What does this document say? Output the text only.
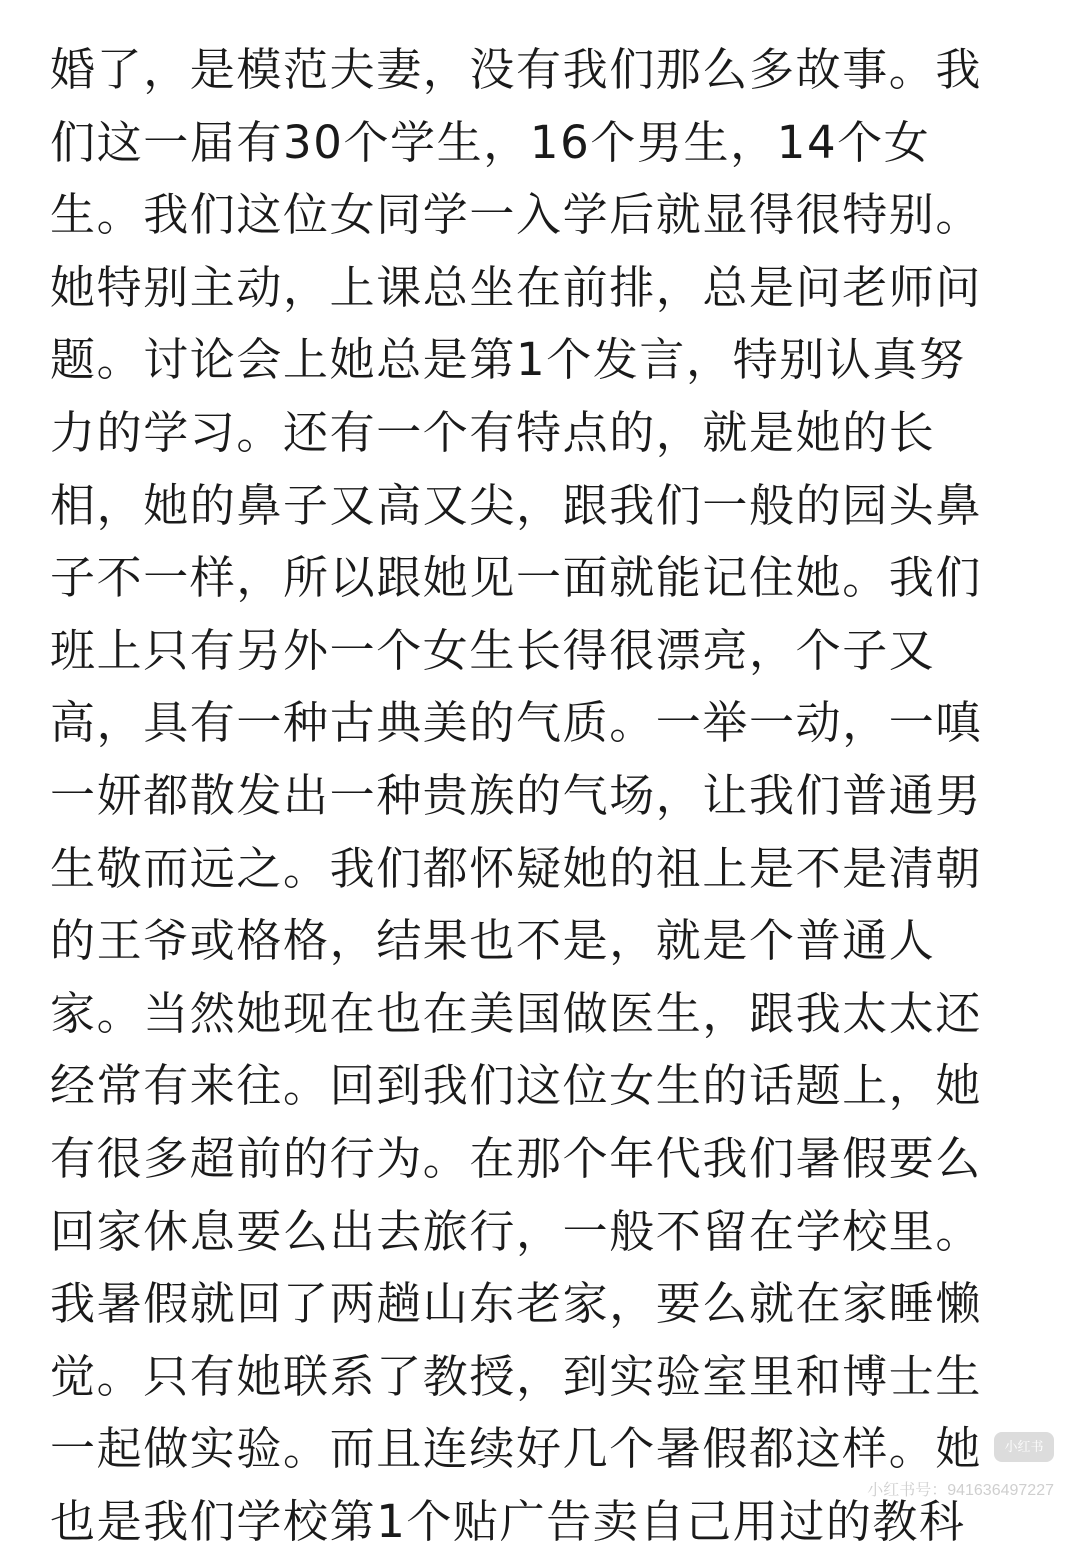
婚了，是模范夫妻，没有我们那么多故事。我
们这一届有30个学生，16个男生，14个女
生。我们这位女同学一入学后就显得很特别。
她特别主动，上课总坐在前排，总是问老师问
题。讨论会上她总是第1个发言，特别认真努
力的学习。还有一个有特点的，就是她的长
相，她的鼻子又高又尖，跟我们一般的园头鼻
子不一样，所以跟她见一面就能记住她。我们
班上只有另外一个女生长得很漂亮，个子又
高，具有一种古典美的气质。一举一动，一嗔
一妍都散发出一种贵族的气场，让我们普通男
生敬而远之。我们都怀疑她的祖上是不是清朝
的王爷或格格，结果也不是，就是个普通人
家。当然她现在也在美国做医生，跟我太太还
经常有来往。回到我们这位女生的话题上，她
有很多超前的行为。在那个年代我们暑假要么
回家休息要么出去旅行，一般不留在学校里。
我暑假就回了两趟山东老家，要么就在家睡懒
觉。只有她联系了教授，到实验室里和博士生
一起做实验。而且连续好几个暑假都这样。她
也是我们学校第1个贴广告卖自己用过的教科
小红书
小红书号：941636497227
